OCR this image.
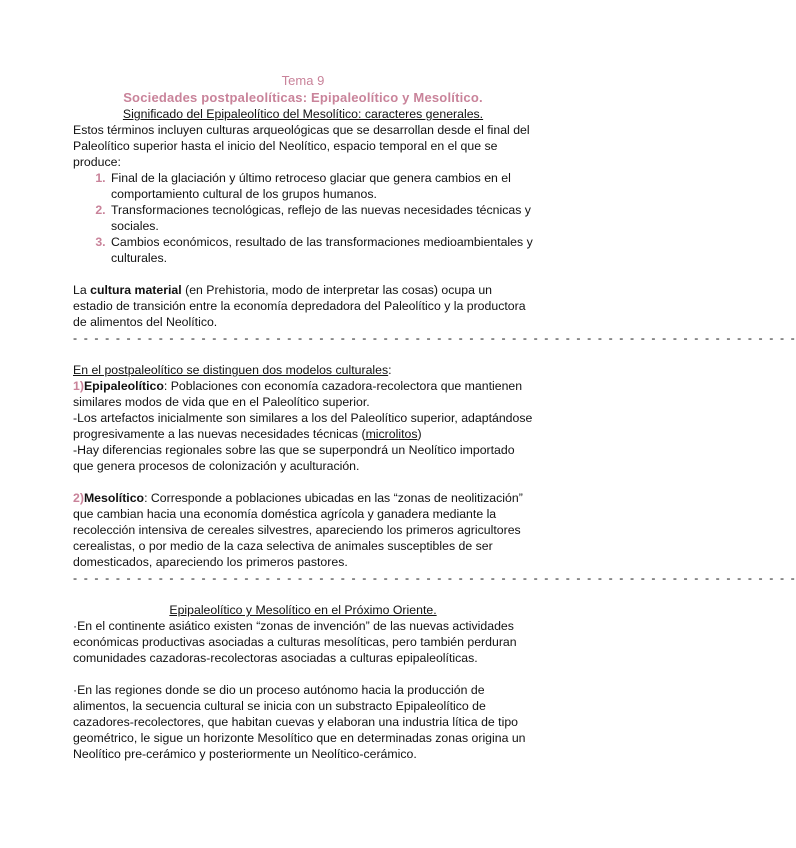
Tema 9

Sociedades postpaleolíticas: Epipaleolítico y Mesolítico.

Significado del Epipaleolítico del Mesolítico: caracteres generales.

Estos términos incluyen culturas arqueológicas que se desarrollan desde el final del Paleolítico superior hasta el inicio del Neolítico, espacio temporal en el que se produce:

1. Final de la glaciación y último retroceso glaciar que genera cambios en el comportamiento cultural de los grupos humanos.
2. Transformaciones tecnológicas, reflejo de las nuevas necesidades técnicas y sociales.
3. Cambios económicos, resultado de las transformaciones medioambientales y culturales.

La cultura material (en Prehistoria, modo de interpretar las cosas) ocupa un estadio de transición entre la economía depredadora del Paleolítico y la productora de alimentos del Neolítico.

- - - - - - - - - - - - - - - - - - - - - - - - - - - - - - - - - - - - - - - - - - - - - - - - - - - - - - - - - - - - - - - - - - - -

En el postpaleolítico se distinguen dos modelos culturales:

1)Epipaleolítico: Poblaciones con economía cazadora-recolectora que mantienen similares modos de vida que en el Paleolítico superior.

-Los artefactos inicialmente son similares a los del Paleolítico superior, adaptándose progresivamente a las nuevas necesidades técnicas (microlitos)

-Hay diferencias regionales sobre las que se superpondrá un Neolítico importado que genera procesos de colonización y aculturación.

2)Mesolítico: Corresponde a poblaciones ubicadas en las “zonas de neolitización” que cambian hacia una economía doméstica agrícola y ganadera mediante la recolección intensiva de cereales silvestres, apareciendo los primeros agricultores cerealistas, o por medio de la caza selectiva de animales susceptibles de ser domesticados, apareciendo los primeros pastores.

- - - - - - - - - - - - - - - - - - - - - - - - - - - - - - - - - - - - - - - - - - - - - - - - - - - - - - - - - - - - - - - - - - - -

Epipaleolítico y Mesolítico en el Próximo Oriente.

·En el continente asiático existen “zonas de invención” de las nuevas actividades económicas productivas asociadas a culturas mesolíticas, pero también perduran comunidades cazadoras-recolectoras asociadas a culturas epipaleolíticas.

·En las regiones donde se dio un proceso autónomo hacia la producción de alimentos, la secuencia cultural se inicia con un substracto Epipaleolítico de cazadores-recolectores, que habitan cuevas y elaboran una industria lítica de tipo geométrico, le sigue un horizonte Mesolítico que en determinadas zonas origina un Neolítico pre-cerámico y posteriormente un Neolítico-cerámico.
